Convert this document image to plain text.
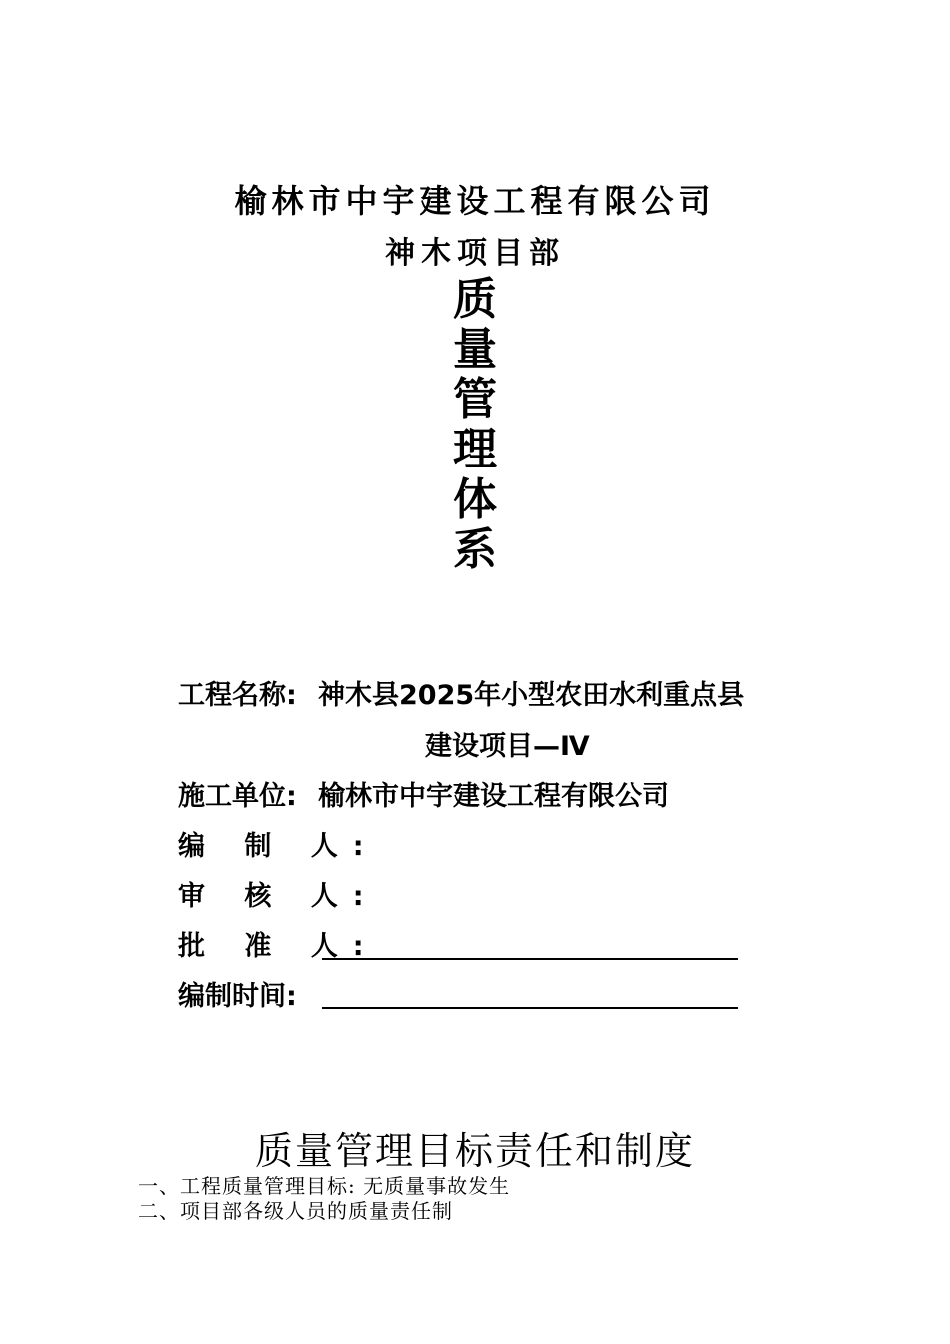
榆林市中宇建设工程有限公司
神木项目部
质
量
管
理
体
系
工程名称: 神木县2025年小型农田水利重点县
建设项目—Ⅳ
施工单位: 榆林市中宇建设工程有限公司
编 制 人:
审 核 人:
批 准 人:
编制时间:
质量管理目标责任和制度
一、工程质量管理目标: 无质量事故发生
二、项目部各级人员的质量责任制
